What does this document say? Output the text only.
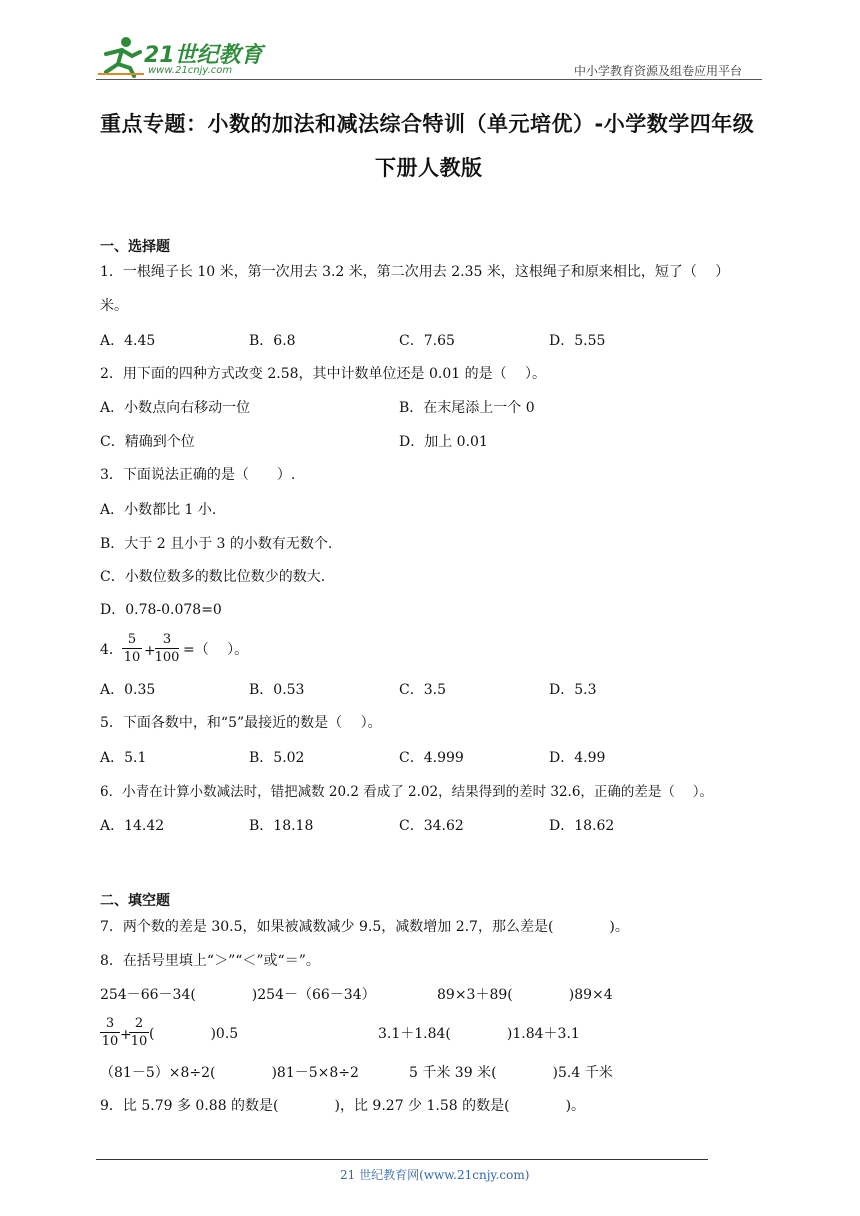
21世纪教育
www.21cnjy.com	中小学教育资源及组卷应用平台
重点专题：小数的加法和减法综合特训（单元培优）-小学数学四年级
下册人教版
一、选择题
1．一根绳子长 10 米，第一次用去 3.2 米，第二次用去 2.35 米，这根绳子和原来相比，短了（　 ）
米。
A．4.45	B．6.8	C．7.65	D．5.55
2．用下面的四种方式改变 2.58，其中计数单位还是 0.01 的是（　 ）。
A．小数点向右移动一位	B．在末尾添上一个 0
C．精确到个位	D．加上 0.01
3．下面说法正确的是（　　）.
A．小数都比 1 小.
B．大于 2 且小于 3 的小数有无数个.
C．小数位数多的数比位数少的数大.
D．0.78-0.078=0
4．
5
10 +
3
100 =（　 ）。
A．0.35	B．0.53	C．3.5	D．5.3
5．下面各数中，和“5”最接近的数是（　 ）。
A．5.1	B．5.02	C．4.999	D．4.99
6．小青在计算小数减法时，错把减数 20.2 看成了 2.02，结果得到的差时 32.6，正确的差是（　 ）。
A．14.42	B．18.18	C．34.62	D．18.62
二、填空题
7．两个数的差是 30.5，如果被减数减少 9.5，减数增加 2.7，那么差是(　　　　)。
8．在括号里填上“＞”“＜”或“＝”。
254－66－34(　　　　)254－（66－34）	89×3＋89(　　　　)89×4
3
10 +
2
10 (　　　　)0.5	3.1＋1.84(　　　　)1.84＋3.1
（81－5）×8÷2(　　　　)81－5×8÷2	5 千米 39 米(　　　　)5.4 千米
9．比 5.79 多 0.88 的数是(　　　　)，比 9.27 少 1.58 的数是(　　　　)。
21 世纪教育网(www.21cnjy.com)
